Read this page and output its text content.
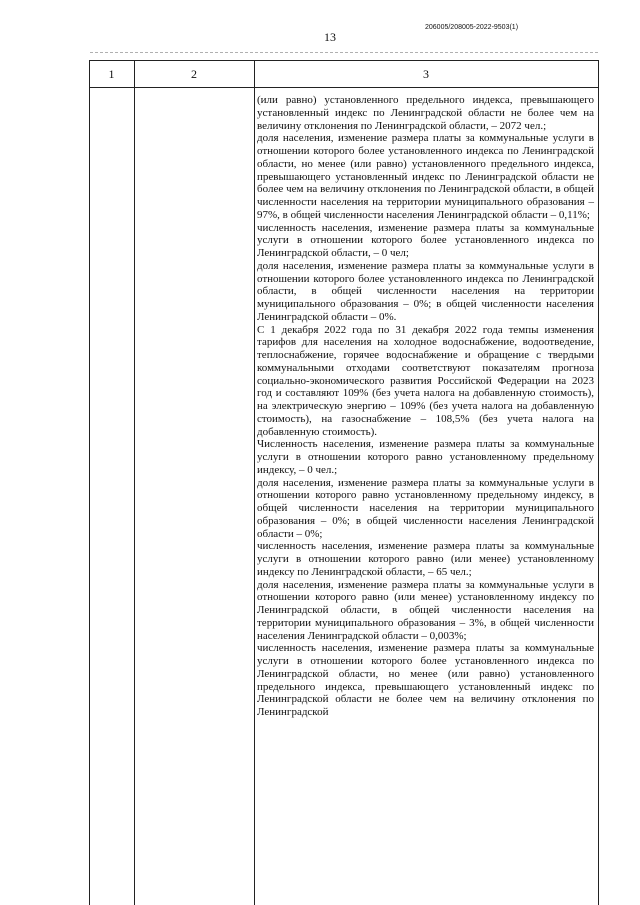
13
206005/208005-2022-9503(1)
1	2	3

(или равно) установленного предельного индекса, превышающего установленный индекс по Ленинградской области не более чем на величину отклонения по Ленинградской области, – 2072 чел.;

доля населения, изменение размера платы за коммунальные услуги в отношении которого более установленного индекса по Ленинградской области, но менее (или равно) установленного предельного индекса, превышающего установленный индекс по Ленинградской области не более чем на величину отклонения по Ленинградской области, в общей численности населения на территории муниципального образования – 97%, в общей численности населения Ленинградской области – 0,11%;

численность населения, изменение размера платы за коммунальные услуги в отношении которого более установленного индекса по Ленинградской области, – 0 чел;

доля населения, изменение размера платы за коммунальные услуги в отношении которого более установленного индекса по Ленинградской области, в общей численности населения на территории муниципального образования – 0%; в общей численности населения Ленинградской области – 0%.

С 1 декабря 2022 года по 31 декабря 2022 года темпы изменения тарифов для населения на холодное водоснабжение, водоотведение, теплоснабжение, горячее водоснабжение и обращение с твердыми коммунальными отходами соответствуют показателям прогноза социально-экономического развития Российской Федерации на 2023 год и составляют 109% (без учета налога на добавленную стоимость), на электрическую энергию – 109% (без учета налога на добавленную стоимость), на газоснабжение – 108,5% (без учета налога на добавленную стоимость).

Численность населения, изменение размера платы за коммунальные услуги в отношении которого равно установленному предельному индексу, – 0 чел.;

доля населения, изменение размера платы за коммунальные услуги в отношении которого равно установленному предельному индексу, в общей численности населения на территории муниципального образования – 0%; в общей численности населения Ленинградской области – 0%;

численность населения, изменение размера платы за коммунальные услуги в отношении которого равно (или менее) установленному индексу по Ленинградской области, – 65 чел.;

доля населения, изменение размера платы за коммунальные услуги в отношении которого равно (или менее) установленному индексу по Ленинградской области, в общей численности населения на территории муниципального образования – 3%, в общей численности населения Ленинградской области – 0,003%;

численность населения, изменение размера платы за коммунальные услуги в отношении которого более установленного индекса по Ленинградской области, но менее (или равно) установленного предельного индекса, превышающего установленный индекс по Ленинградской области не более чем на величину отклонения по Ленинградской
